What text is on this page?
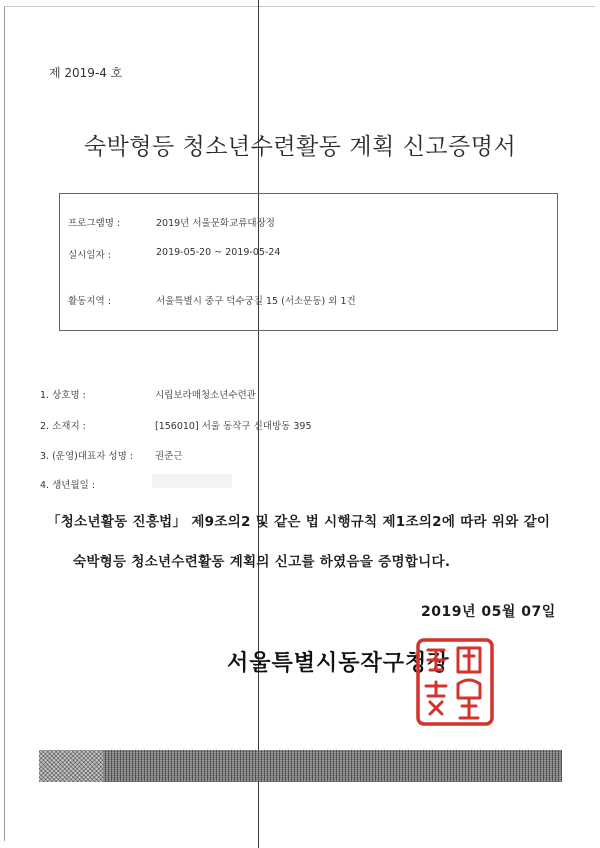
제 2019-4 호
숙박형등 청소년수련활동 계획 신고증명서
프로그램명 :	2019년 서울문화교류대장정
실시일자 :	2019-05-20 ~ 2019-05-24
활동지역 :	서울특별시 중구 덕수궁길 15 (서소문동) 외 1건
1. 상호명 :	시립보라매청소년수련관
2. 소재지 :	[156010] 서울 동작구 신대방동 395
3. (운영)대표자 성명 : 권준근
4. 생년월일 :
「청소년활동 진흥법」 제9조의2 및 같은 법 시행규칙 제1조의2에 따라 위와 같이
숙박형등 청소년수련활동 계획의 신고를 하였음을 증명합니다.
2019년 05월 07일
서울특별시동작구청장
